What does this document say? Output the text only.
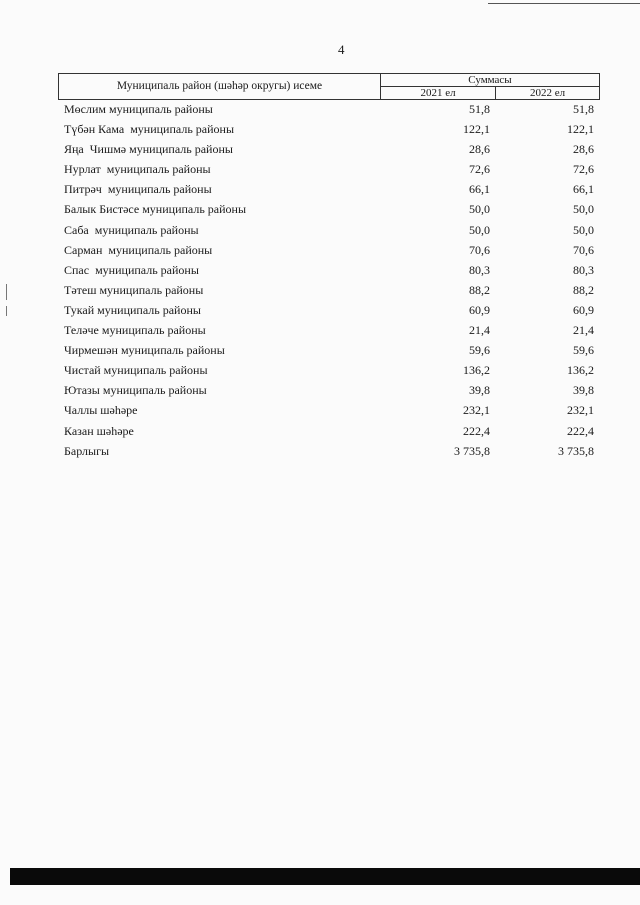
4
Муниципаль район (шәһәр округы) исеме	Суммасы
2021 ел	2022 ел
Мөслим муниципаль районы	51,8	51,8
Түбән Кама  муниципаль районы	122,1	122,1
Яңа  Чишмә муниципаль районы	28,6	28,6
Нурлат  муниципаль районы	72,6	72,6
Питрәч  муниципаль районы	66,1	66,1
Балык Бистәсе муниципаль районы	50,0	50,0
Саба  муниципаль районы	50,0	50,0
Сарман  муниципаль районы	70,6	70,6
Спас  муниципаль районы	80,3	80,3
Тәтеш муниципаль районы	88,2	88,2
Тукай муниципаль районы	60,9	60,9
Теләче муниципаль районы	21,4	21,4
Чирмешән муниципаль районы	59,6	59,6
Чистай муниципаль районы	136,2	136,2
Ютазы муниципаль районы	39,8	39,8
Чаллы шәһәре	232,1	232,1
Казан шәһәре	222,4	222,4
Барлыгы	3 735,8	3 735,8
